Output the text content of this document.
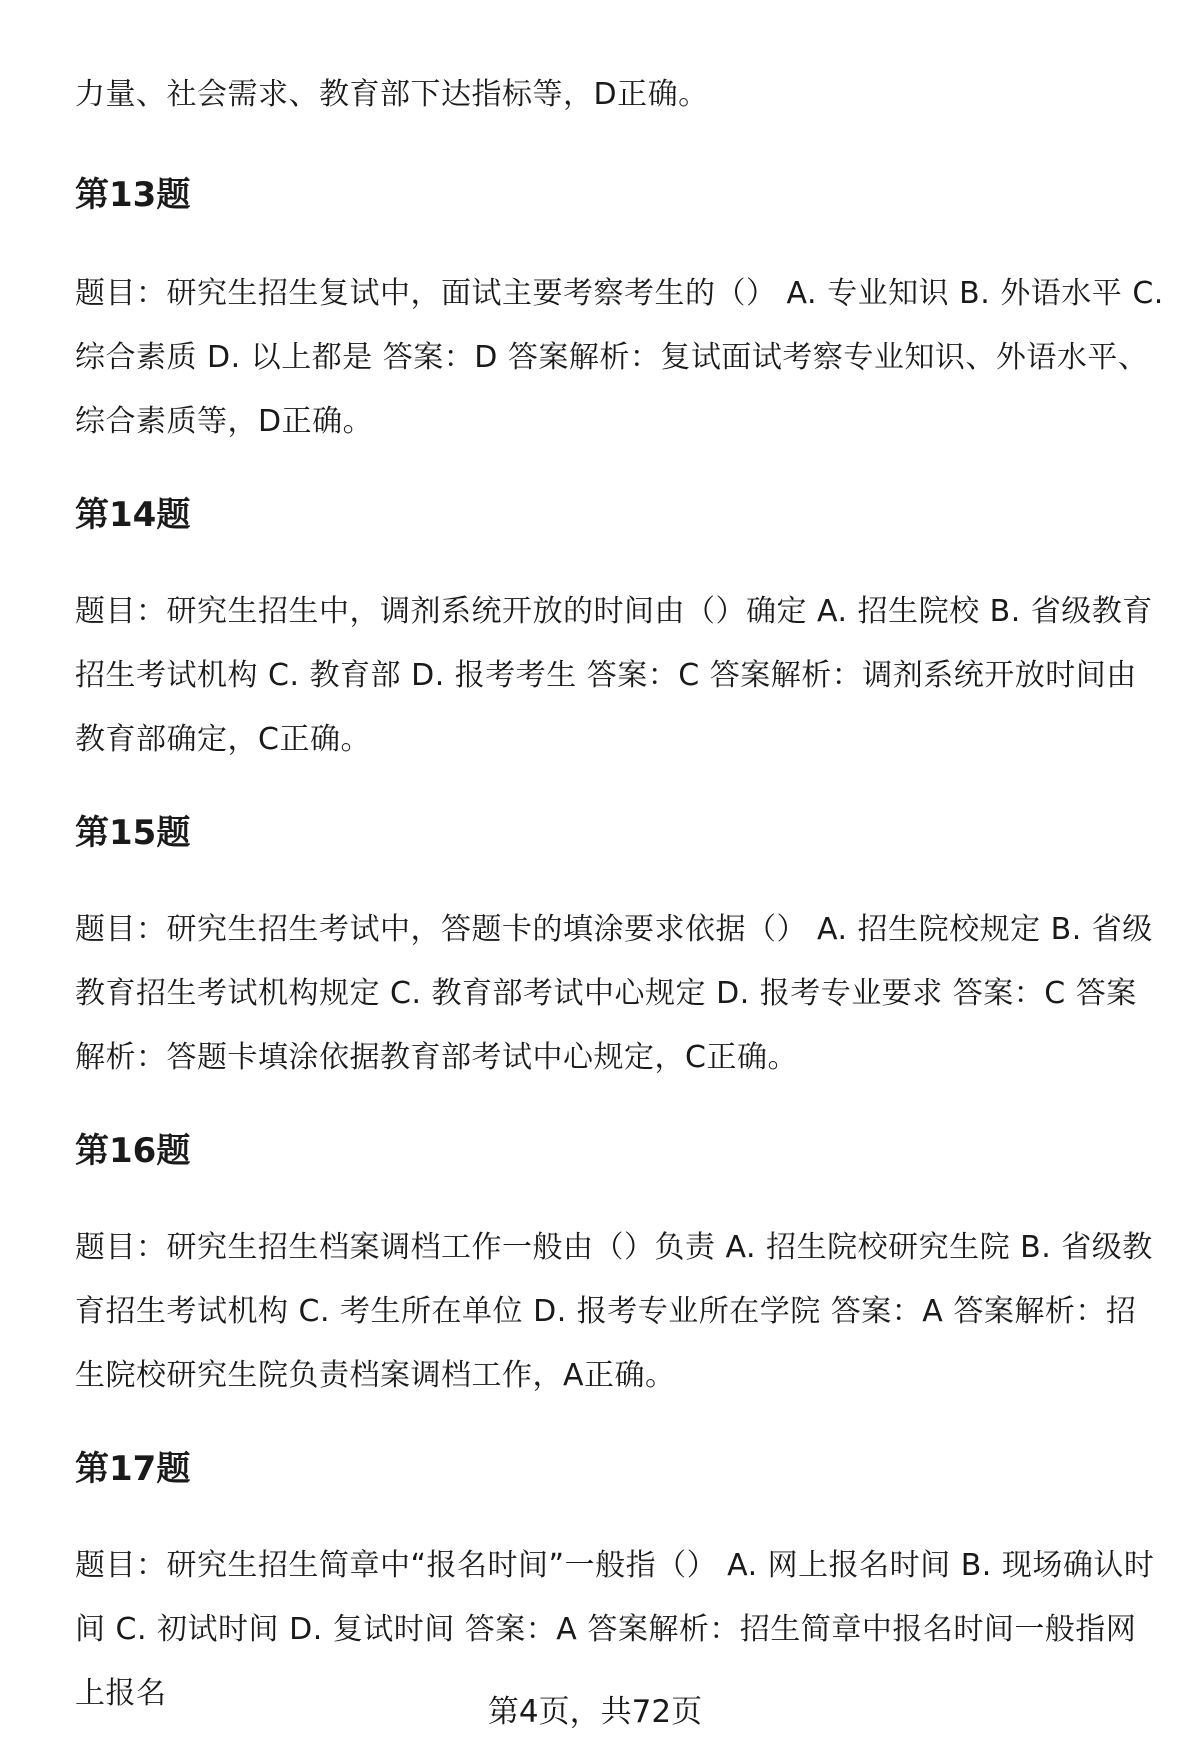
力量、社会需求、教育部下达指标等，D正确。

第13题

题目：研究生招生复试中，面试主要考察考生的（） A. 专业知识 B. 外语水平 C. 综合素质 D. 以上都是 答案：D 答案解析：复试面试考察专业知识、外语水平、综合素质等，D正确。

第14题

题目：研究生招生中，调剂系统开放的时间由（）确定 A. 招生院校 B. 省级教育招生考试机构 C. 教育部 D. 报考考生 答案：C 答案解析：调剂系统开放时间由教育部确定，C正确。

第15题

题目：研究生招生考试中，答题卡的填涂要求依据（） A. 招生院校规定 B. 省级教育招生考试机构规定 C. 教育部考试中心规定 D. 报考专业要求 答案：C 答案解析：答题卡填涂依据教育部考试中心规定，C正确。

第16题

题目：研究生招生档案调档工作一般由（）负责 A. 招生院校研究生院 B. 省级教育招生考试机构 C. 考生所在单位 D. 报考专业所在学院 答案：A 答案解析：招生院校研究生院负责档案调档工作，A正确。

第17题

题目：研究生招生简章中“报名时间”一般指（） A. 网上报名时间 B. 现场确认时间 C. 初试时间 D. 复试时间 答案：A 答案解析：招生简章中报名时间一般指网上报名

第4页，共72页
